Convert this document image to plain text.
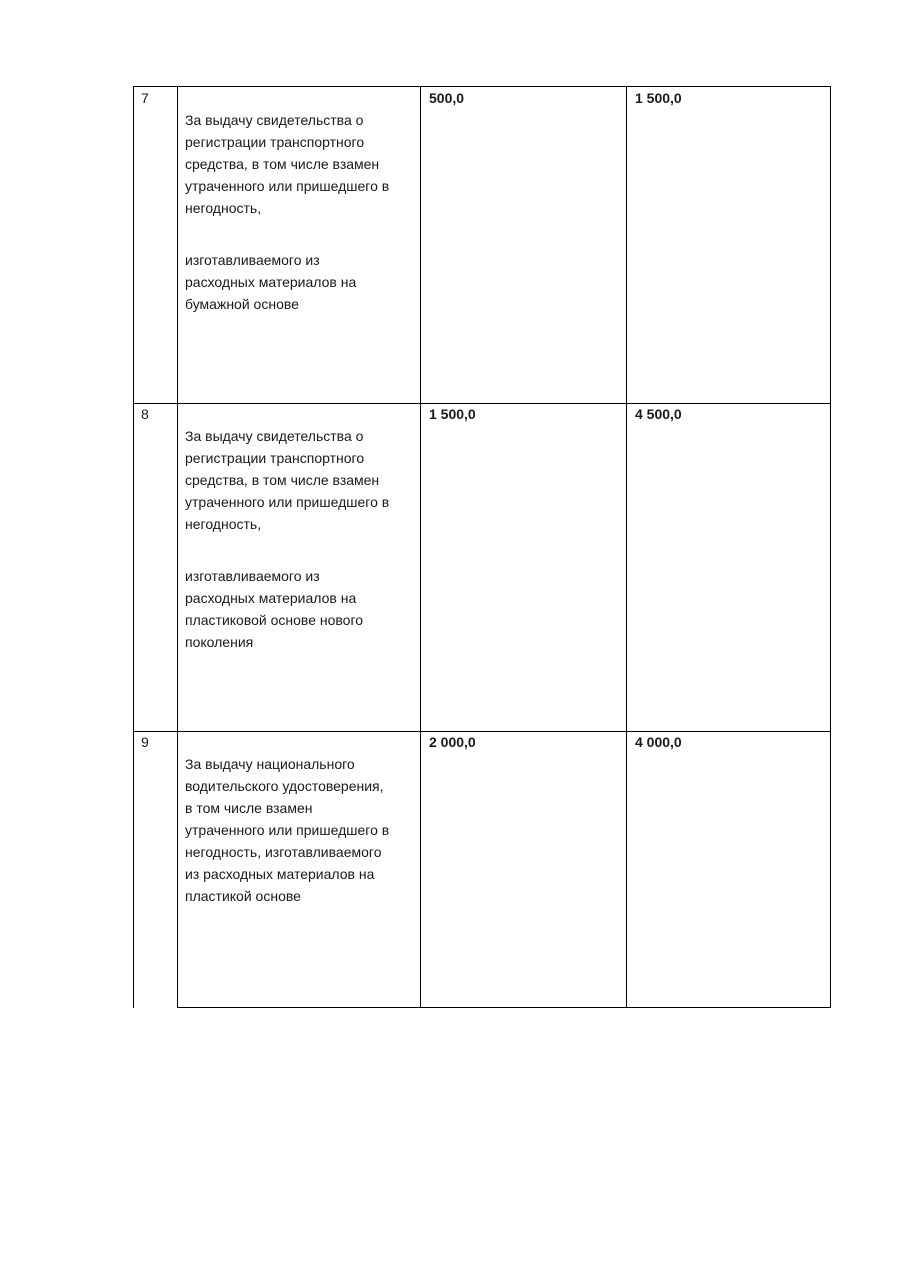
7

За выдачу свидетельства о
регистрации транспортного
средства, в том числе взамен
утраченного или пришедшего в
негодность,

изготавливаемого из
расходных материалов на
бумажной основе

500,0	1 500,0
8

За выдачу свидетельства о
регистрации транспортного
средства, в том числе взамен
утраченного или пришедшего в
негодность,

изготавливаемого из
расходных материалов на
пластиковой основе нового
поколения

1 500,0	4 500,0
9

За выдачу национального
водительского удостоверения,
в том числе взамен
утраченного или пришедшего в
негодность, изготавливаемого
из расходных материалов на
пластикой основе

2 000,0	4 000,0
